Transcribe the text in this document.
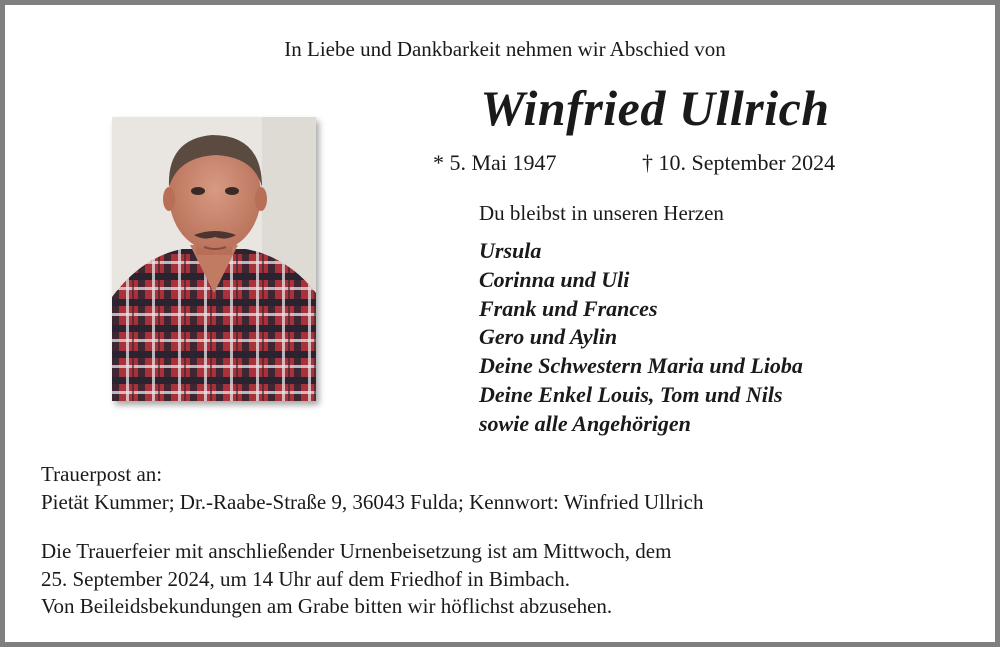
In Liebe und Dankbarkeit nehmen wir Abschied von
Winfried Ullrich
* 5. Mai 1947	† 10. September 2024
Du bleibst in unseren Herzen
Ursula
Corinna und Uli
Frank und Frances
Gero und Aylin
Deine Schwestern Maria und Lioba
Deine Enkel Louis, Tom und Nils
sowie alle Angehörigen
Trauerpost an:
Pietät Kummer; Dr.-Raabe-Straße 9, 36043 Fulda; Kennwort: Winfried Ullrich
Die Trauerfeier mit anschließender Urnenbeisetzung ist am Mittwoch, dem
25. September 2024, um 14 Uhr auf dem Friedhof in Bimbach.
Von Beileidsbekundungen am Grabe bitten wir höflichst abzusehen.
